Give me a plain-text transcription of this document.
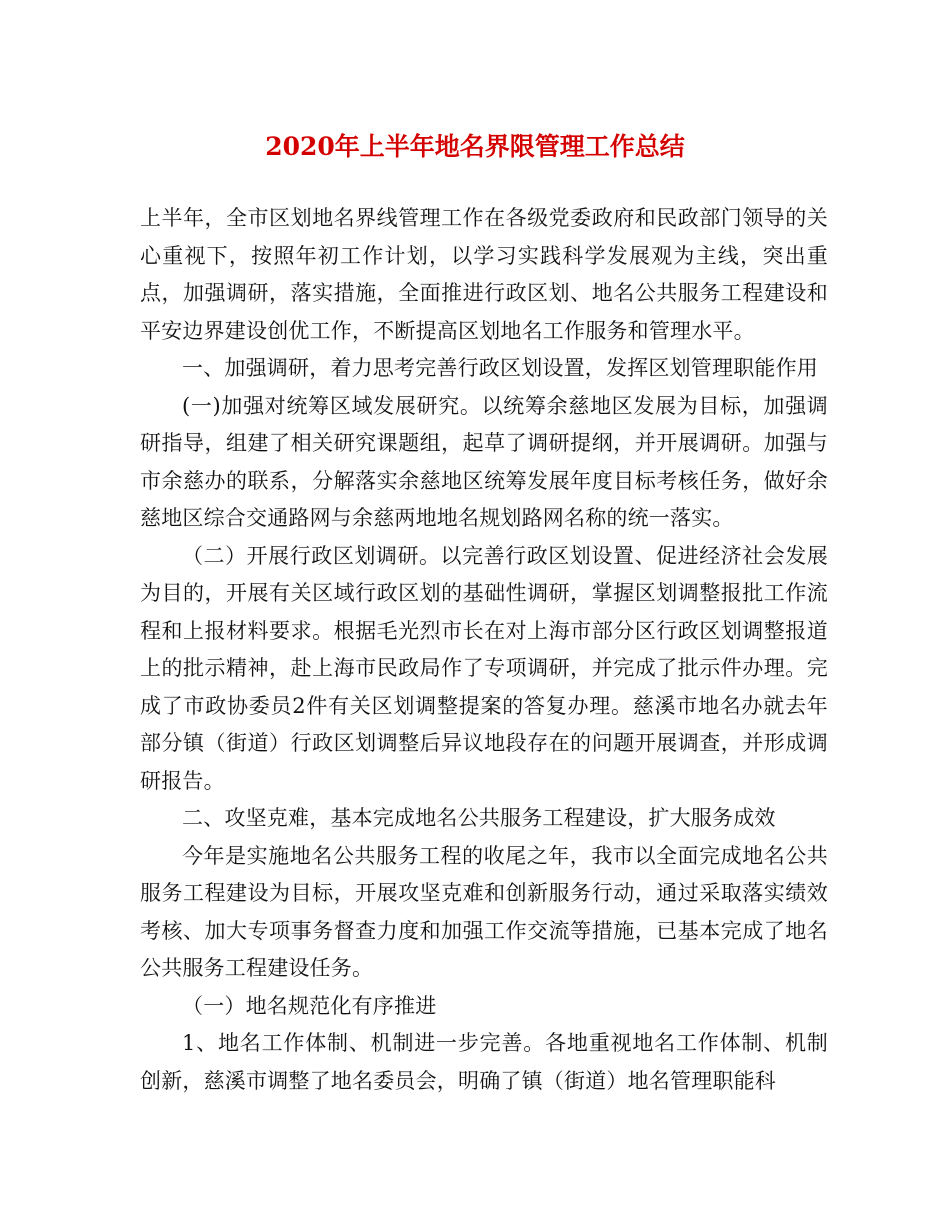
2020年上半年地名界限管理工作总结

上半年，全市区划地名界线管理工作在各级党委政府和民政部门领导的关心重视下，按照年初工作计划，以学习实践科学发展观为主线，突出重点，加强调研，落实措施，全面推进行政区划、地名公共服务工程建设和平安边界建设创优工作，不断提高区划地名工作服务和管理水平。

一、加强调研，着力思考完善行政区划设置，发挥区划管理职能作用

(一)加强对统筹区域发展研究。以统筹余慈地区发展为目标，加强调研指导，组建了相关研究课题组，起草了调研提纲，并开展调研。加强与市余慈办的联系，分解落实余慈地区统筹发展年度目标考核任务，做好余慈地区综合交通路网与余慈两地地名规划路网名称的统一落实。

（二）开展行政区划调研。以完善行政区划设置、促进经济社会发展为目的，开展有关区域行政区划的基础性调研，掌握区划调整报批工作流程和上报材料要求。根据毛光烈市长在对上海市部分区行政区划调整报道上的批示精神，赴上海市民政局作了专项调研，并完成了批示件办理。完成了市政协委员2件有关区划调整提案的答复办理。慈溪市地名办就去年部分镇（街道）行政区划调整后异议地段存在的问题开展调查，并形成调研报告。

二、攻坚克难，基本完成地名公共服务工程建设，扩大服务成效

今年是实施地名公共服务工程的收尾之年，我市以全面完成地名公共服务工程建设为目标，开展攻坚克难和创新服务行动，通过采取落实绩效考核、加大专项事务督查力度和加强工作交流等措施，已基本完成了地名公共服务工程建设任务。

（一）地名规范化有序推进

1、地名工作体制、机制进一步完善。各地重视地名工作体制、机制创新，慈溪市调整了地名委员会，明确了镇（街道）地名管理职能科
